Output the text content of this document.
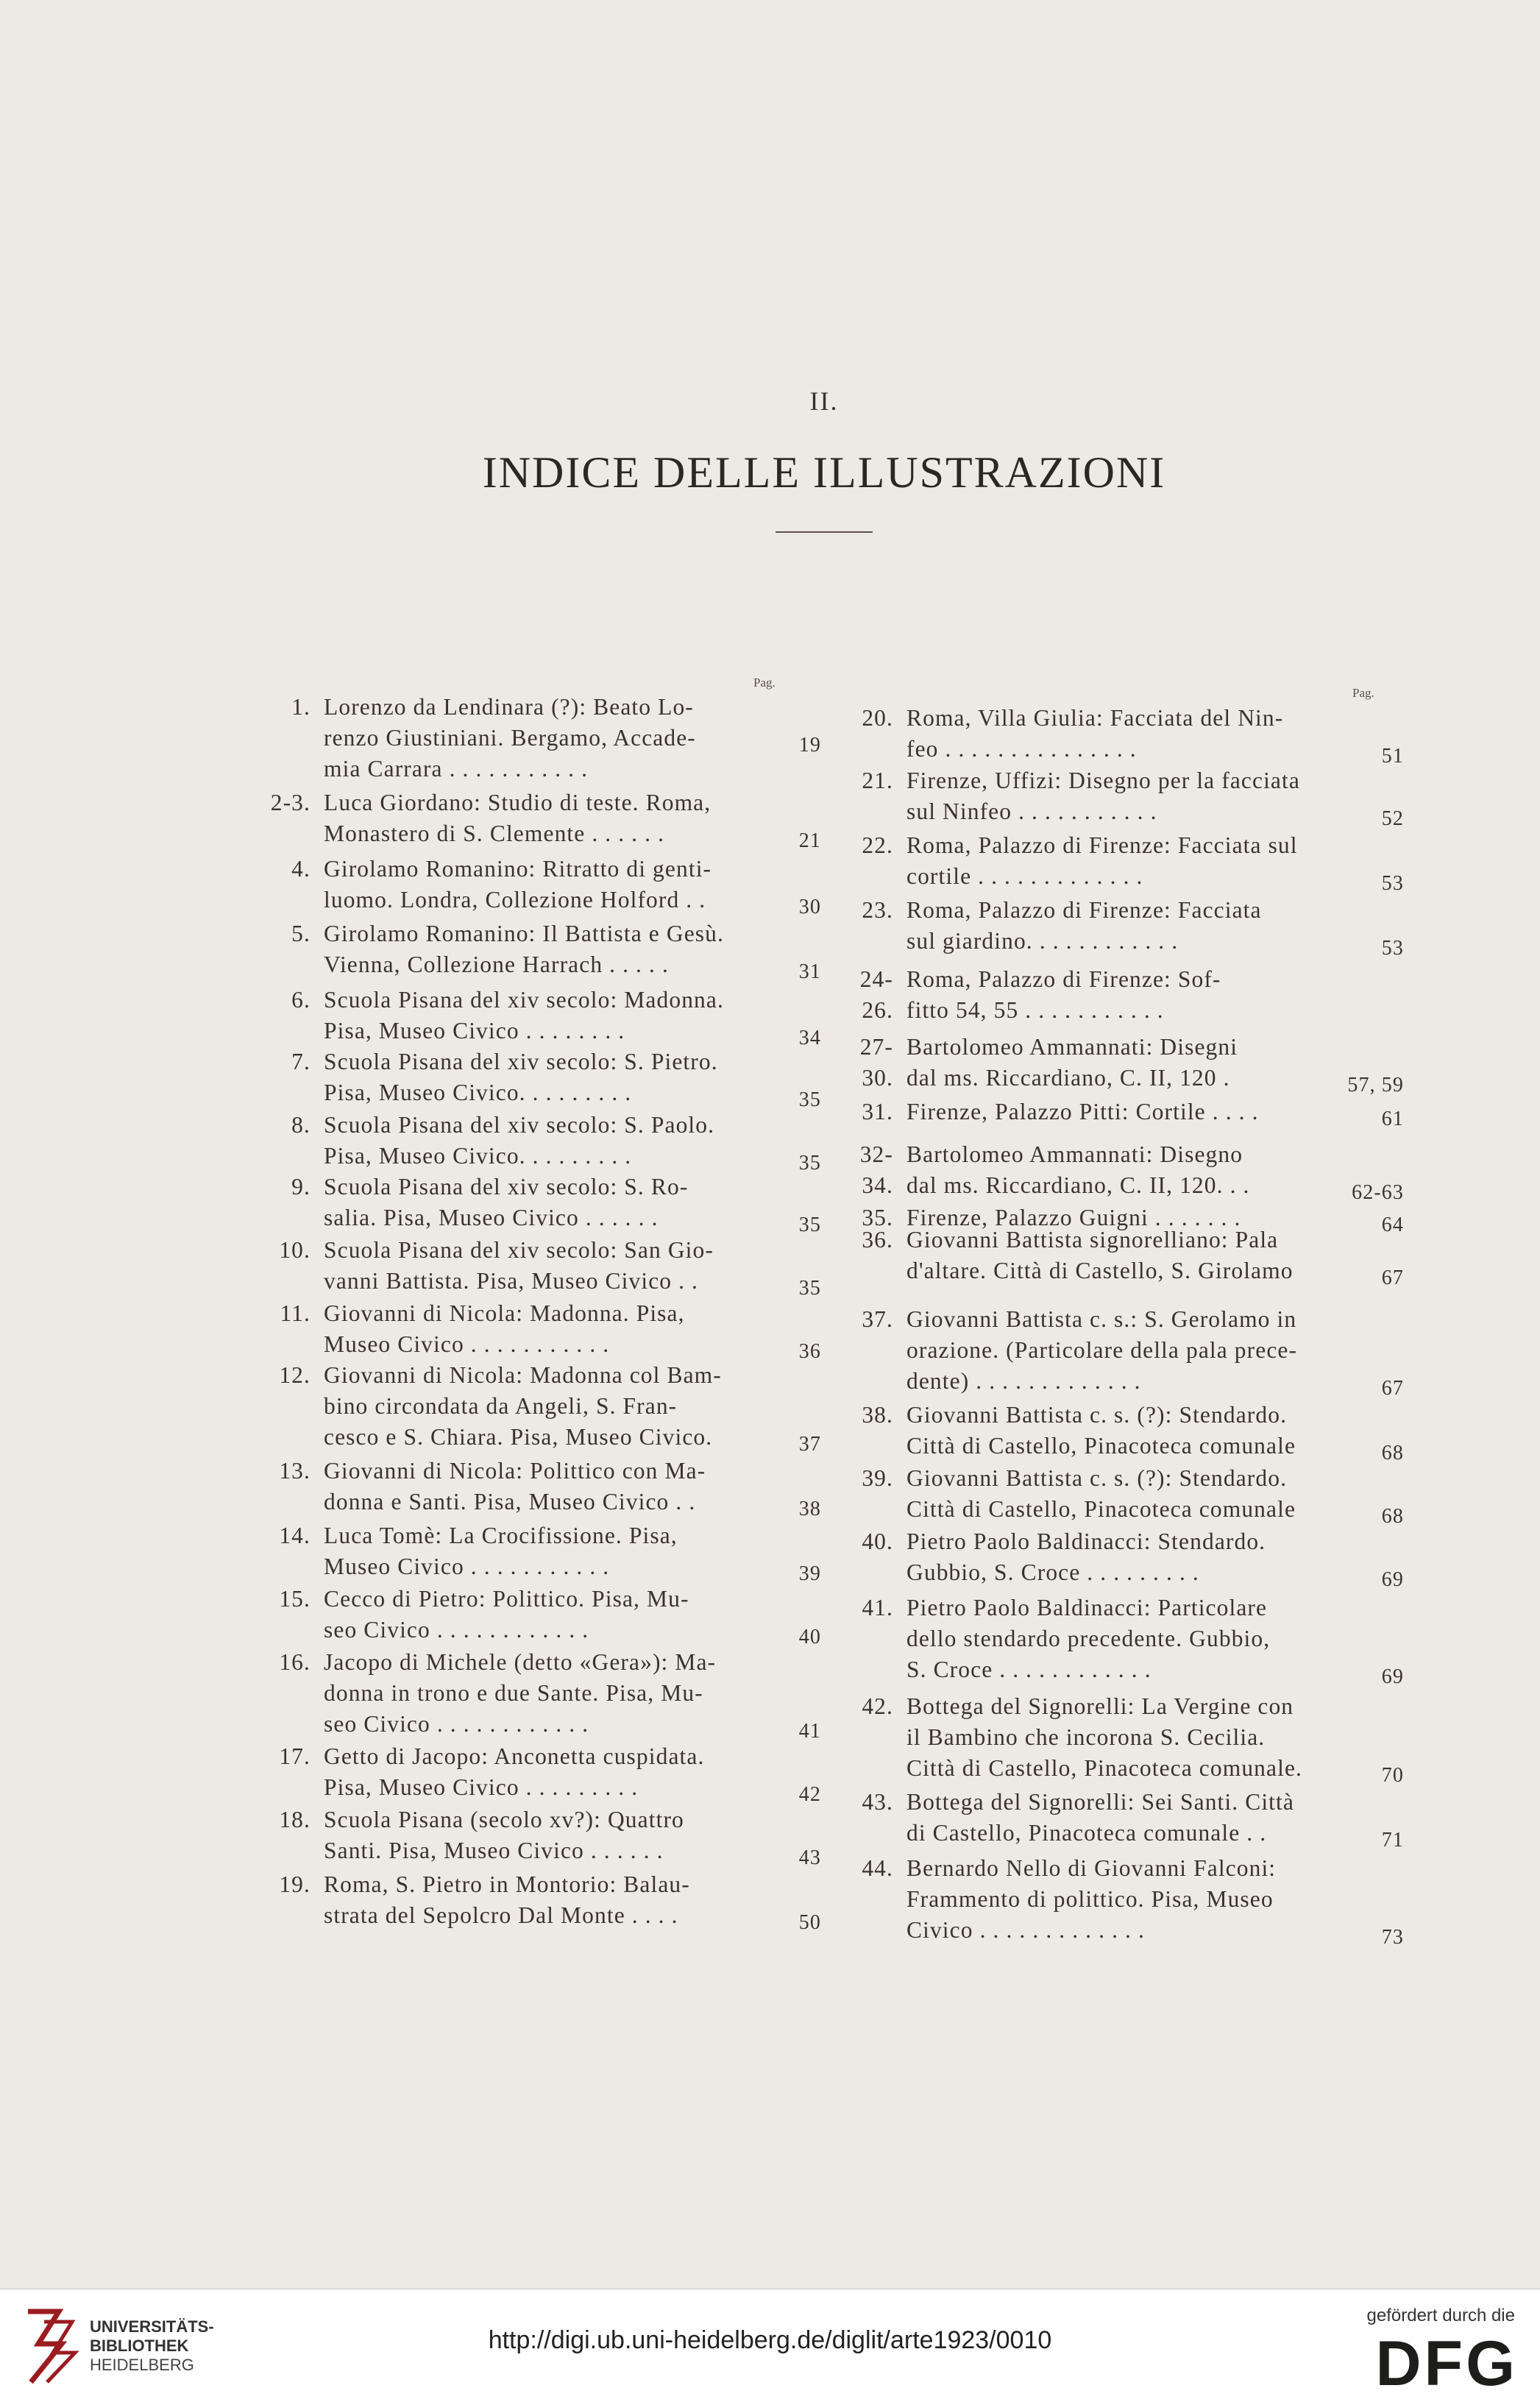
II.
INDICE DELLE ILLUSTRAZIONI
Pag.
Pag.
1. Lorenzo da Lendinara (?): Beato Lo-
renzo Giustiniani. Bergamo, Accade-
mia Carrara . . . . . . . . . . .
19
2-3. Luca Giordano: Studio di teste. Roma,
Monastero di S. Clemente . . . . . .	21
4. Girolamo Romanino: Ritratto di genti-
luomo. Londra, Collezione Holford . .	30
5. Girolamo Romanino: Il Battista e Gesù.
Vienna, Collezione Harrach . . . . .	31
6. Scuola Pisana del xiv secolo: Madonna.
Pisa, Museo Civico . . . . . . . .	34
7. Scuola Pisana del xiv secolo: S. Pietro.
Pisa, Museo Civico. . . . . . . . .	35
8. Scuola Pisana del xiv secolo: S. Paolo.
Pisa, Museo Civico. . . . . . . . .	35
9. Scuola Pisana del xiv secolo: S. Ro-
salia. Pisa, Museo Civico . . . . . .	35
10. Scuola Pisana del xiv secolo: San Gio-
vanni Battista. Pisa, Museo Civico . .	35
11. Giovanni di Nicola: Madonna. Pisa,
Museo Civico . . . . . . . . . . .	36
12. Giovanni di Nicola: Madonna col Bam-
bino circondata da Angeli, S. Fran-
cesco e S. Chiara. Pisa, Museo Civico.	37
13. Giovanni di Nicola: Polittico con Ma-
donna e Santi. Pisa, Museo Civico . .	38
14. Luca Tomè: La Crocifissione. Pisa,
Museo Civico . . . . . . . . . . .	39
15. Cecco di Pietro: Polittico. Pisa, Mu-
seo Civico . . . . . . . . . . . .	40
16. Jacopo di Michele (detto «Gera»): Ma-
donna in trono e due Sante. Pisa, Mu-
seo Civico . . . . . . . . . . . .	41
17. Getto di Jacopo: Anconetta cuspidata.
Pisa, Museo Civico . . . . . . . . .	42
18. Scuola Pisana (secolo xv?): Quattro
Santi. Pisa, Museo Civico . . . . . .	43
19. Roma, S. Pietro in Montorio: Balau-
strata del Sepolcro Dal Monte . . . .	50
20. Roma, Villa Giulia: Facciata del Nin-
feo . . . . . . . . . . . . . . .	51
21. Firenze, Uffizi: Disegno per la facciata
sul Ninfeo . . . . . . . . . . .	52
22. Roma, Palazzo di Firenze: Facciata sul
cortile . . . . . . . . . . . . .	53
23. Roma, Palazzo di Firenze: Facciata
sul giardino. . . . . . . . . . . .	53
24-26.
Roma, Palazzo di Firenze: Sof-
fitto 54, 55 . . . . . . . . . . .
27-30.
Bartolomeo Ammannati: Disegni
dal ms. Riccardiano, C. II, 120 .	57, 59
31. Firenze, Palazzo Pitti: Cortile . . . .	61
32-34.
Bartolomeo Ammannati: Disegno
dal ms. Riccardiano, C. II, 120. . .	62-63
35. Firenze, Palazzo Guigni . . . . . . .	64
36. Giovanni Battista signorelliano: Pala
d'altare. Città di Castello, S. Girolamo	67
37. Giovanni Battista c. s.: S. Gerolamo in
orazione. (Particolare della pala prece-
dente) . . . . . . . . . . . . .	67
38. Giovanni Battista c. s. (?): Stendardo.
Città di Castello, Pinacoteca comunale	68
39. Giovanni Battista c. s. (?): Stendardo.
Città di Castello, Pinacoteca comunale	68
40. Pietro Paolo Baldinacci: Stendardo.
Gubbio, S. Croce . . . . . . . . .	69
41. Pietro Paolo Baldinacci: Particolare
dello stendardo precedente. Gubbio,
S. Croce . . . . . . . . . . . .	69
42. Bottega del Signorelli: La Vergine con
il Bambino che incorona S. Cecilia.
Città di Castello, Pinacoteca comunale.	70
43. Bottega del Signorelli: Sei Santi. Città
di Castello, Pinacoteca comunale . .	71
44. Bernardo Nello di Giovanni Falconi:
Frammento di polittico. Pisa, Museo
Civico . . . . . . . . . . . . .	73
UNIVERSITÄTS-
BIBLIOTHEK
HEIDELBERG
http://digi.ub.uni-heidelberg.de/diglit/arte1923/0010
gefördert durch die
DFG
